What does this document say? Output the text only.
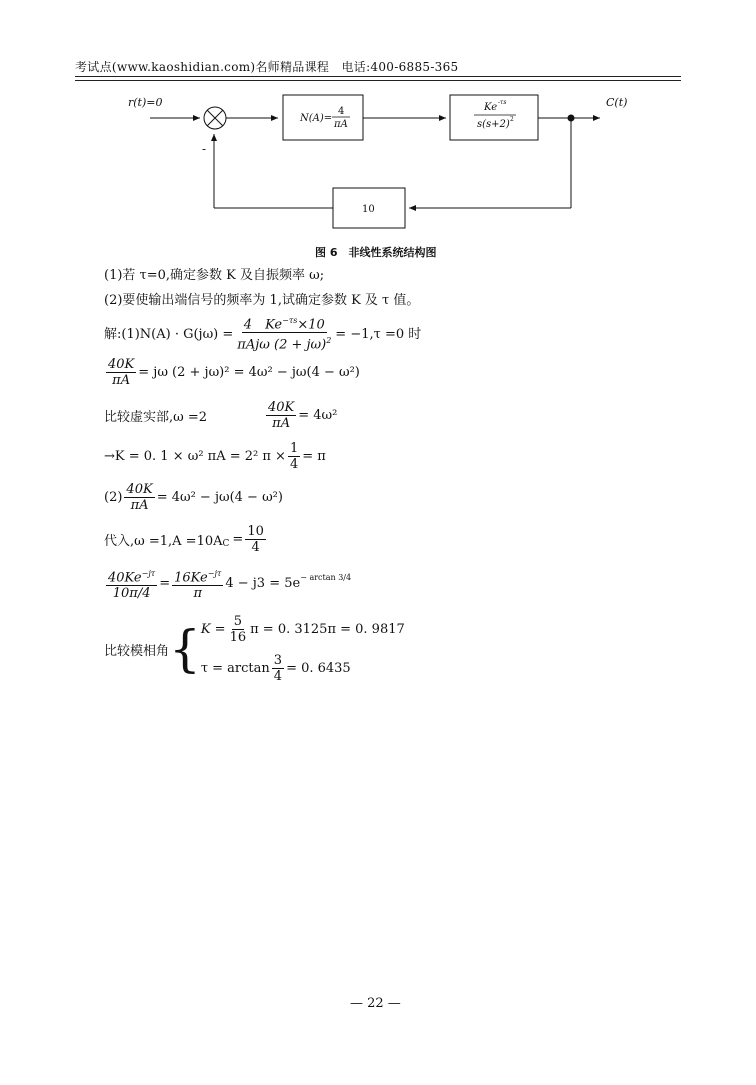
考试点(www.kaoshidian.com)名师精品课程　电话:400-6885-365
r(t)=0
-
N(A)=
4
πA
Ke -τs
s(s+2) 2
C(t)
10
图 6　非线性系统结构图
(1)若 τ=0,确定参数 K 及自振频率 ω;
(2)要使输出端信号的频率为 1,试确定参数 K 及 τ 值。
解:(1)N(A) · $G(j\omega) = \frac{4 Ke^{-\tau s}\times 10}{\pi Aj\omega (2 + j\omega)^2} = -1,\tau =0$ 时
$\frac{40K}{\pi A} = j\omega$ (2 + jω)² = 4ω² − jω(4 − ω²)
比较虚实部,ω =2	$\frac{40K}{\pi A} = 4\omega^2$
→K = 0. 1 × ω² πA = 2² $\pi \times \frac{1}{4} = \pi$
$(2) \frac{40K}{\pi A} = 4\omega^2 - j\omega(4 - \omega^2)$
代入,ω =1,A =10A $C = \frac{10}{4}$
$\frac{40Ke^{-j\tau}}{10\pi/4} = \frac{16Ke^{-j\tau}}{\pi} 4 - j3 = 5e^{- arctan 3/4}$
比较模相角 { $K = \frac{5}{16}$ π = 0. 3125π = 0. 9817
$\tau = \arctan \frac{3}{4} = 0$. 6435
— 22 —
